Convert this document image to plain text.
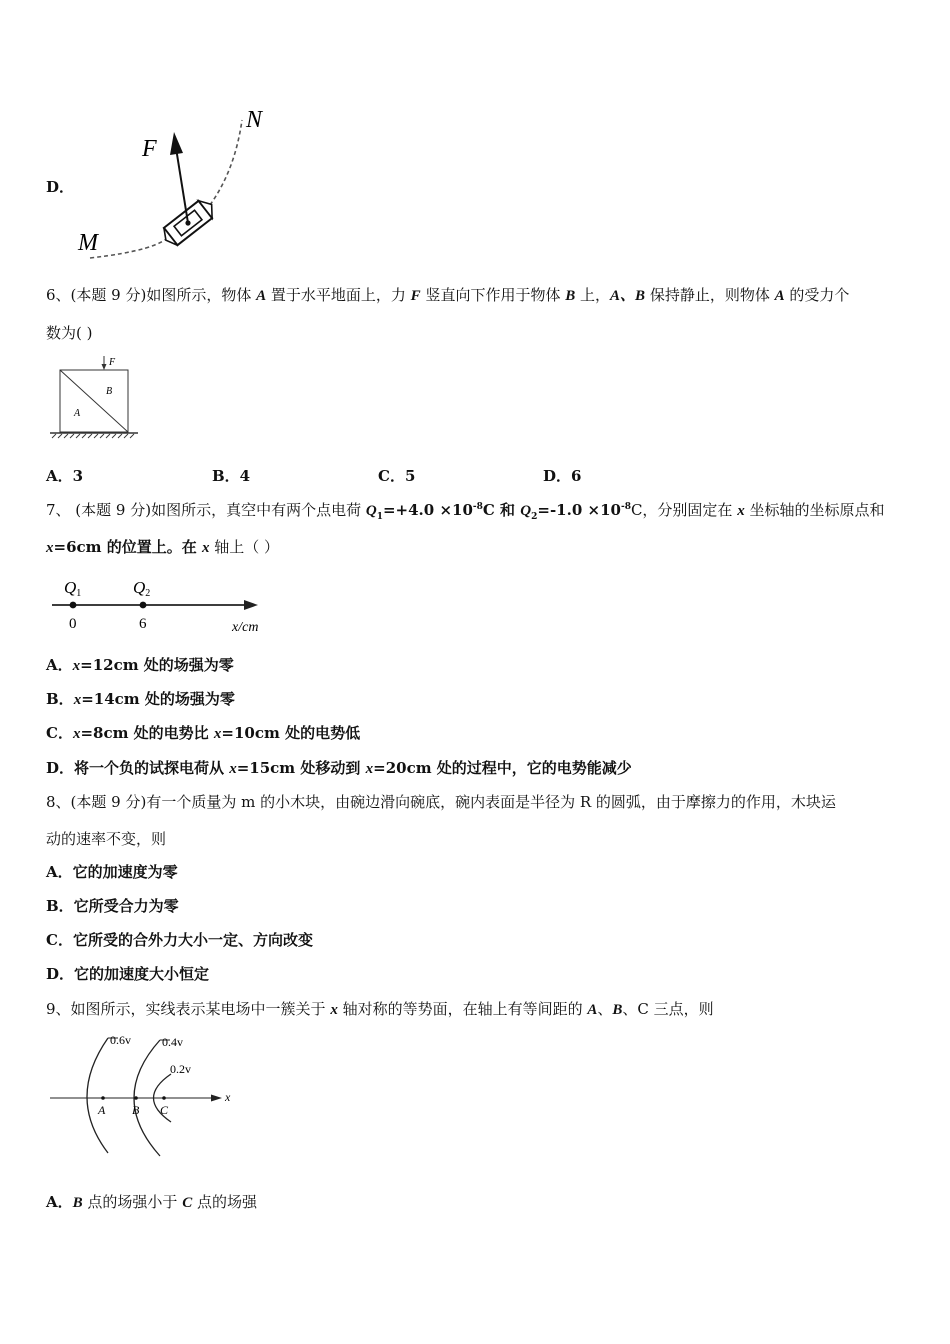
D．
F
N
M
6、(本题 9 分)如图所示，物体 A 置于水平地面上，力 F 竖直向下作用于物体 B 上，A、B 保持静止，则物体 A 的受力个
数为( )
F
A
B
A．3	B．4	C．5	D．6
7、 (本题 9 分)如图所示，真空中有两个点电荷 $Q_1=+4.0 \times 10^{-8}C$ 和 $Q_2=-1.0 \times 10^{-8}C$，分别固定在 x 坐标轴的坐标原点和
x=6cm 的位置上。在 x 轴上（ ）
Q1	Q2
0	6	x/cm
A．x=12cm 处的场强为零
B．x=14cm 处的场强为零
C．x=8cm 处的电势比 x=10cm 处的电势低
D．将一个负的试探电荷从 x=15cm 处移动到 x=20cm 处的过程中，它的电势能减少
8、(本题 9 分)有一个质量为 m 的小木块，由碗边滑向碗底，碗内表面是半径为 R 的圆弧，由于摩擦力的作用，木块运
动的速率不变，则
A．它的加速度为零
B．它所受合力为零
C．它所受的合外力大小一定、方向改变
D．它的加速度大小恒定
9、如图所示，实线表示某电场中一簇关于 x 轴对称的等势面，在轴上有等间距的 A、B、C 三点，则
0.6v	0.4v
0.2v
A B C
x
A．B 点的场强小于 C 点的场强
